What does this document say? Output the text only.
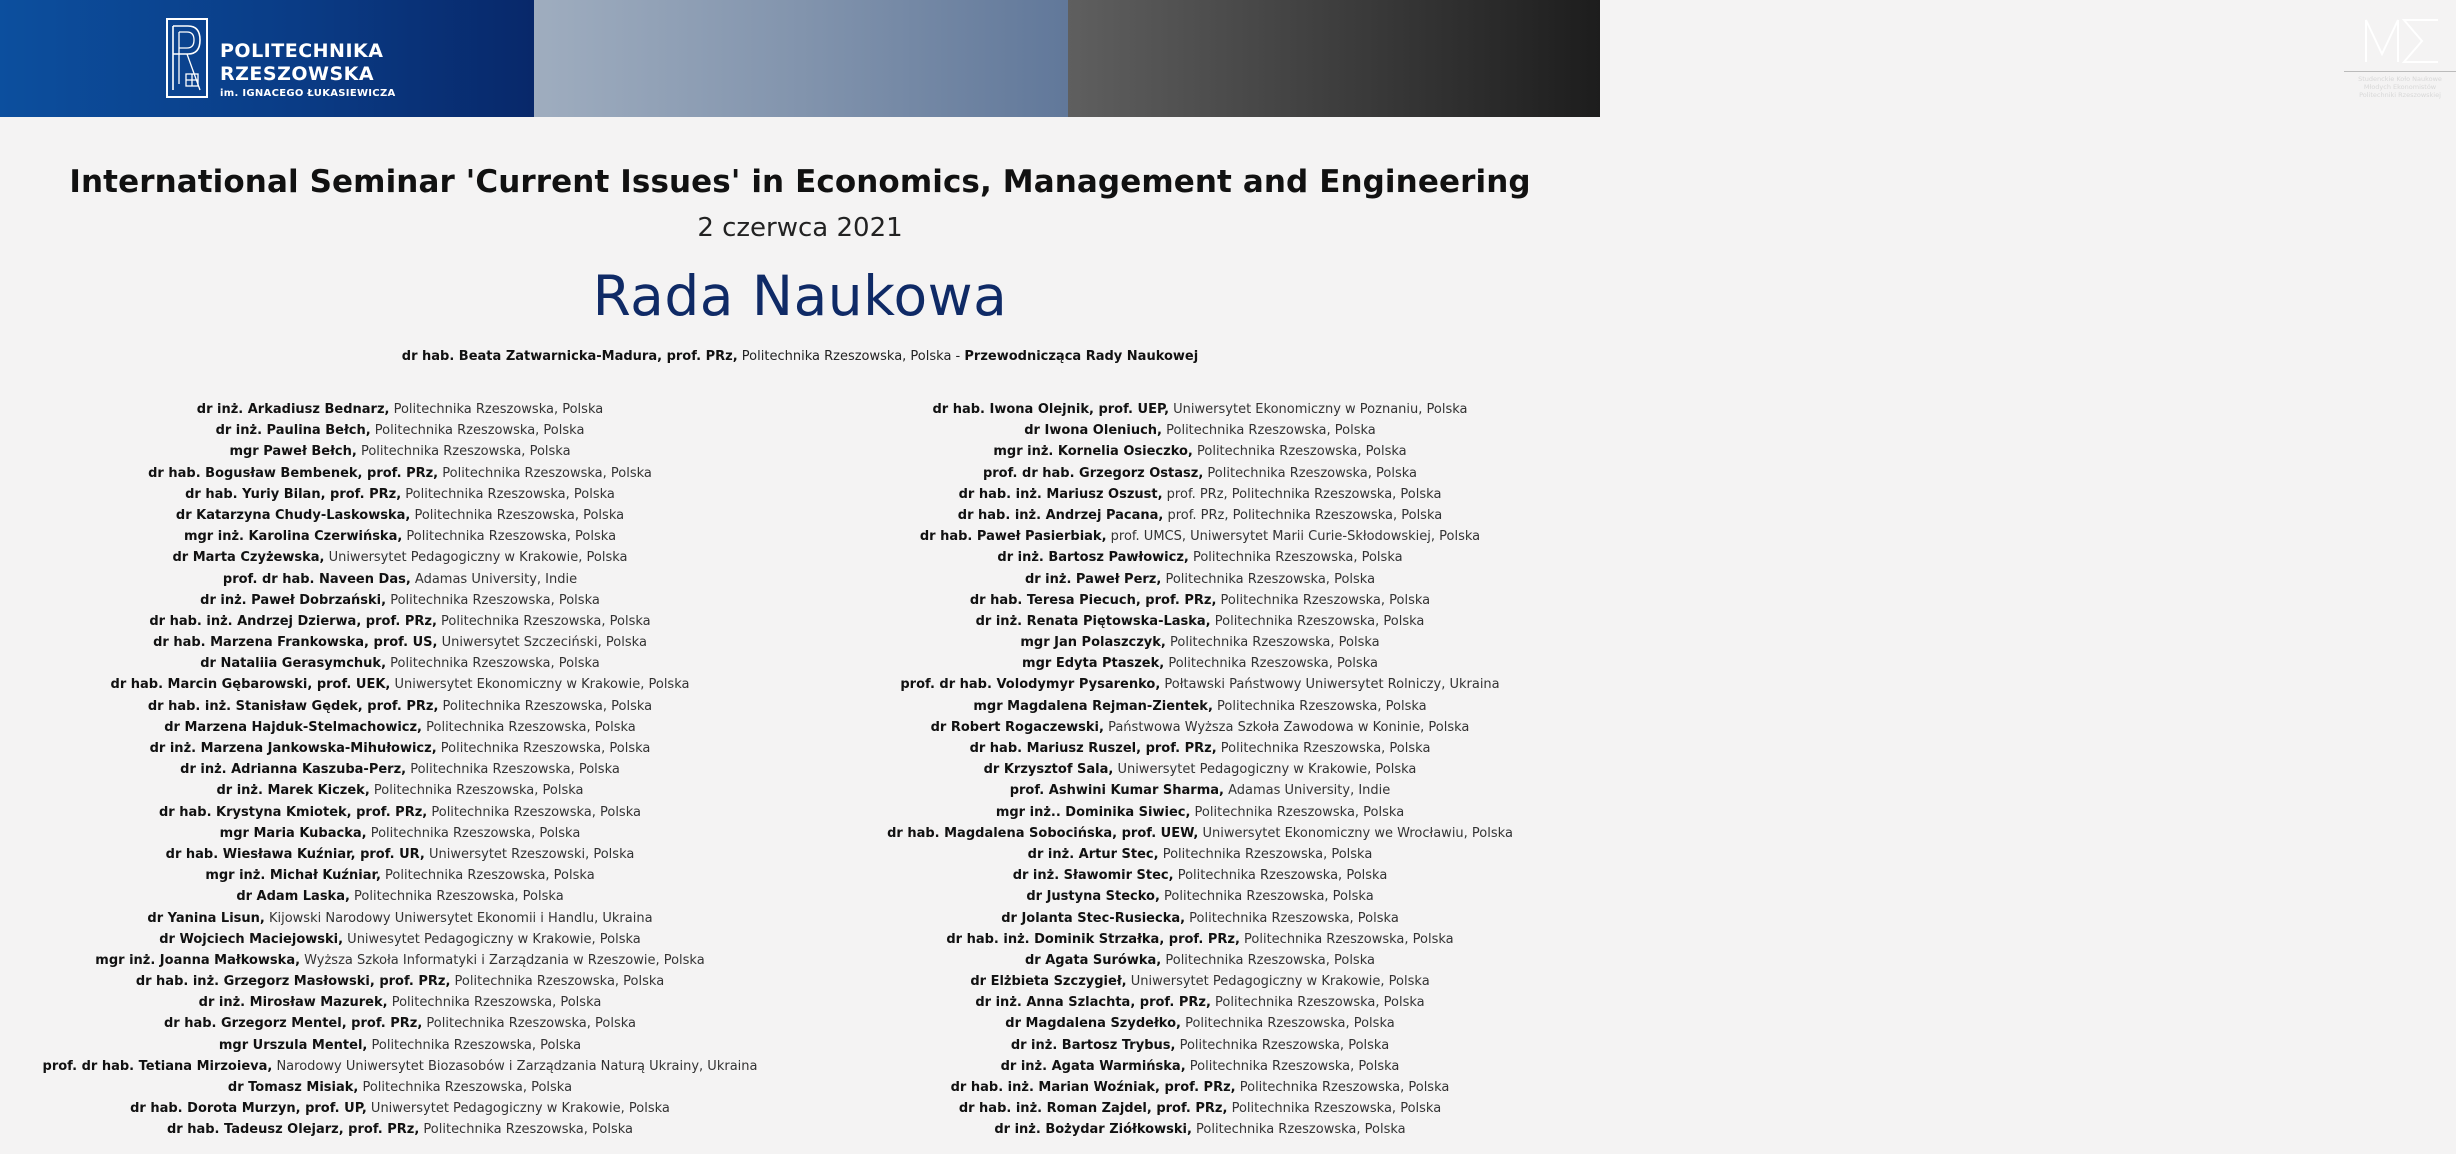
POLITECHNIKA
RZESZOWSKA
im. IGNACEGO ŁUKASIEWICZA
Studenckie Koło Naukowe
Młodych Ekonomistów
Politechniki Rzeszowskiej
International Seminar 'Current Issues' in Economics, Management and Engineering
2 czerwca 2021
Rada Naukowa
dr hab. Beata Zatwarnicka-Madura, prof. PRz, Politechnika Rzeszowska, Polska - Przewodnicząca Rady Naukowej
dr inż. Arkadiusz Bednarz, Politechnika Rzeszowska, Polska
dr inż. Paulina Bełch, Politechnika Rzeszowska, Polska
mgr Paweł Bełch, Politechnika Rzeszowska, Polska
dr hab. Bogusław Bembenek, prof. PRz, Politechnika Rzeszowska, Polska
dr hab. Yuriy Bilan, prof. PRz, Politechnika Rzeszowska, Polska
dr Katarzyna Chudy-Laskowska, Politechnika Rzeszowska, Polska
mgr inż. Karolina Czerwińska, Politechnika Rzeszowska, Polska
dr Marta Czyżewska, Uniwersytet Pedagogiczny w Krakowie, Polska
prof. dr hab. Naveen Das, Adamas University, Indie
dr inż. Paweł Dobrzański, Politechnika Rzeszowska, Polska
dr hab. inż. Andrzej Dzierwa, prof. PRz, Politechnika Rzeszowska, Polska
dr hab. Marzena Frankowska, prof. US, Uniwersytet Szczeciński, Polska
dr Nataliia Gerasymchuk, Politechnika Rzeszowska, Polska
dr hab. Marcin Gębarowski, prof. UEK, Uniwersytet Ekonomiczny w Krakowie, Polska
dr hab. inż. Stanisław Gędek, prof. PRz, Politechnika Rzeszowska, Polska
dr Marzena Hajduk-Stelmachowicz, Politechnika Rzeszowska, Polska
dr inż. Marzena Jankowska-Mihułowicz, Politechnika Rzeszowska, Polska
dr inż. Adrianna Kaszuba-Perz, Politechnika Rzeszowska, Polska
dr inż. Marek Kiczek, Politechnika Rzeszowska, Polska
dr hab. Krystyna Kmiotek, prof. PRz, Politechnika Rzeszowska, Polska
mgr Maria Kubacka, Politechnika Rzeszowska, Polska
dr hab. Wiesława Kuźniar, prof. UR, Uniwersytet Rzeszowski, Polska
mgr inż. Michał Kuźniar, Politechnika Rzeszowska, Polska
dr Adam Laska, Politechnika Rzeszowska, Polska
dr Yanina Lisun, Kijowski Narodowy Uniwersytet Ekonomii i Handlu, Ukraina
dr Wojciech Maciejowski, Uniwesytet Pedagogiczny w Krakowie, Polska
mgr inż. Joanna Małkowska, Wyższa Szkoła Informatyki i Zarządzania w Rzeszowie, Polska
dr hab. inż. Grzegorz Masłowski, prof. PRz, Politechnika Rzeszowska, Polska
dr inż. Mirosław Mazurek, Politechnika Rzeszowska, Polska
dr hab. Grzegorz Mentel, prof. PRz, Politechnika Rzeszowska, Polska
mgr Urszula Mentel, Politechnika Rzeszowska, Polska
prof. dr hab. Tetiana Mirzoieva, Narodowy Uniwersytet Biozasobów i Zarządzania Naturą Ukrainy, Ukraina
dr Tomasz Misiak, Politechnika Rzeszowska, Polska
dr hab. Dorota Murzyn, prof. UP, Uniwersytet Pedagogiczny w Krakowie, Polska
dr hab. Tadeusz Olejarz, prof. PRz, Politechnika Rzeszowska, Polska
dr hab. Iwona Olejnik, prof. UEP, Uniwersytet Ekonomiczny w Poznaniu, Polska
dr Iwona Oleniuch, Politechnika Rzeszowska, Polska
mgr inż. Kornelia Osieczko, Politechnika Rzeszowska, Polska
prof. dr hab. Grzegorz Ostasz, Politechnika Rzeszowska, Polska
dr hab. inż. Mariusz Oszust, prof. PRz, Politechnika Rzeszowska, Polska
dr hab. inż. Andrzej Pacana, prof. PRz, Politechnika Rzeszowska, Polska
dr hab. Paweł Pasierbiak, prof. UMCS, Uniwersytet Marii Curie-Skłodowskiej, Polska
dr inż. Bartosz Pawłowicz, Politechnika Rzeszowska, Polska
dr inż. Paweł Perz, Politechnika Rzeszowska, Polska
dr hab. Teresa Piecuch, prof. PRz, Politechnika Rzeszowska, Polska
dr inż. Renata Piętowska-Laska, Politechnika Rzeszowska, Polska
mgr Jan Polaszczyk, Politechnika Rzeszowska, Polska
mgr Edyta Ptaszek, Politechnika Rzeszowska, Polska
prof. dr hab. Volodymyr Pysarenko, Połtawski Państwowy Uniwersytet Rolniczy, Ukraina
mgr Magdalena Rejman-Zientek, Politechnika Rzeszowska, Polska
dr Robert Rogaczewski, Państwowa Wyższa Szkoła Zawodowa w Koninie, Polska
dr hab. Mariusz Ruszel, prof. PRz, Politechnika Rzeszowska, Polska
dr Krzysztof Sala, Uniwersytet Pedagogiczny w Krakowie, Polska
prof. Ashwini Kumar Sharma, Adamas University, Indie
mgr inż.. Dominika Siwiec, Politechnika Rzeszowska, Polska
dr hab. Magdalena Sobocińska, prof. UEW, Uniwersytet Ekonomiczny we Wrocławiu, Polska
dr inż. Artur Stec, Politechnika Rzeszowska, Polska
dr inż. Sławomir Stec, Politechnika Rzeszowska, Polska
dr Justyna Stecko, Politechnika Rzeszowska, Polska
dr Jolanta Stec-Rusiecka, Politechnika Rzeszowska, Polska
dr hab. inż. Dominik Strzałka, prof. PRz, Politechnika Rzeszowska, Polska
dr Agata Surówka, Politechnika Rzeszowska, Polska
dr Elżbieta Szczygieł, Uniwersytet Pedagogiczny w Krakowie, Polska
dr inż. Anna Szlachta, prof. PRz, Politechnika Rzeszowska, Polska
dr Magdalena Szydełko, Politechnika Rzeszowska, Polska
dr inż. Bartosz Trybus, Politechnika Rzeszowska, Polska
dr inż. Agata Warmińska, Politechnika Rzeszowska, Polska
dr hab. inż. Marian Woźniak, prof. PRz, Politechnika Rzeszowska, Polska
dr hab. inż. Roman Zajdel, prof. PRz, Politechnika Rzeszowska, Polska
dr inż. Bożydar Ziółkowski, Politechnika Rzeszowska, Polska
